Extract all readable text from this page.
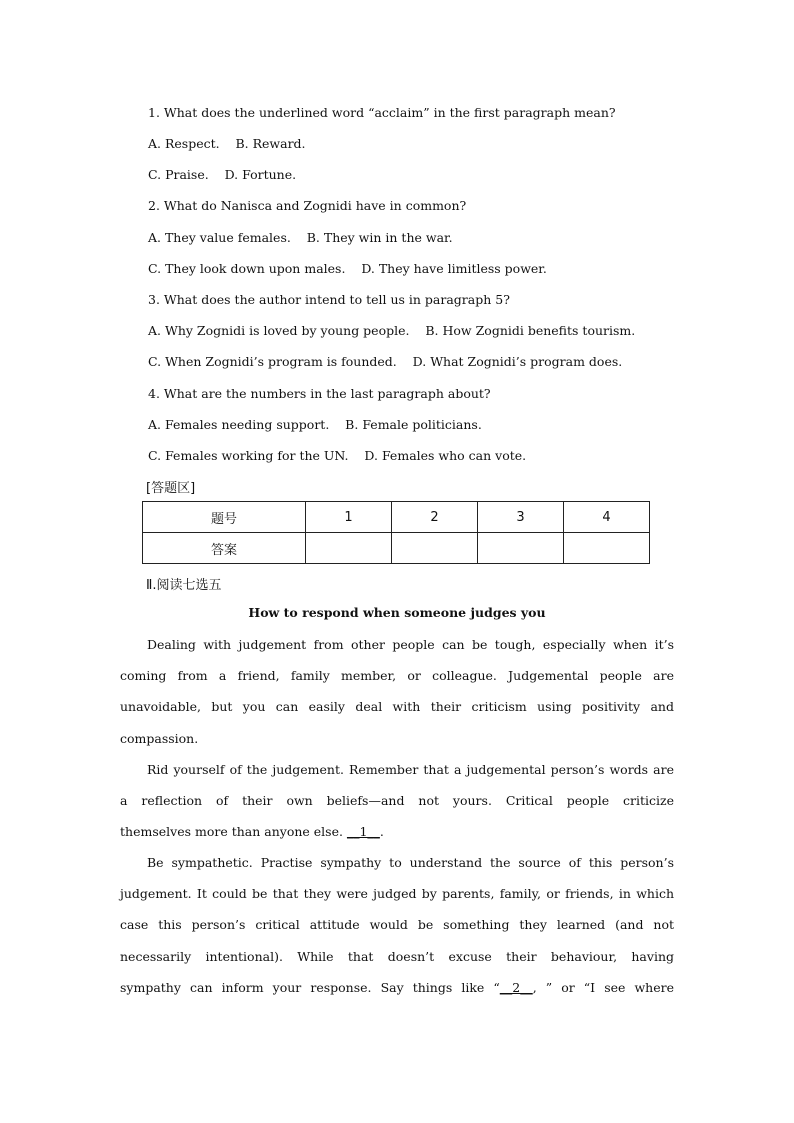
1. What does the underlined word “acclaim” in the first paragraph mean?
A. Respect.    B. Reward.
C. Praise.    D. Fortune.
2. What do Nanisca and Zognidi have in common?
A. They value females.    B. They win in the war.
C. They look down upon males.    D. They have limitless power.
3. What does the author intend to tell us in paragraph 5?
A. Why Zognidi is loved by young people.    B. How Zognidi benefits tourism.
C. When Zognidi’s program is founded.    D. What Zognidi’s program does.
4. What are the numbers in the last paragraph about?
A. Females needing support.    B. Female politicians.
C. Females working for the UN.    D. Females who can vote.
[答题区]
题号	1	2	3	4
答案				
Ⅱ.阅读七选五
How to respond when someone judges you
Dealing with judgement from other people can be tough, especially when it’s
coming from a friend, family member, or colleague. Judgemental people are
unavoidable, but you can easily deal with their criticism using positivity and
compassion.
Rid yourself of the judgement. Remember that a judgemental person’s words are
a reflection of their own beliefs—and not yours. Critical people criticize
themselves more than anyone else. __1__.
Be sympathetic. Practise sympathy to understand the source of this person’s
judgement. It could be that they were judged by parents, family, or friends, in which
case this person’s critical attitude would be something they learned (and not
necessarily intentional). While that doesn’t excuse their behaviour, having
sympathy can inform your response. Say things like “__2__, ” or “I see where
